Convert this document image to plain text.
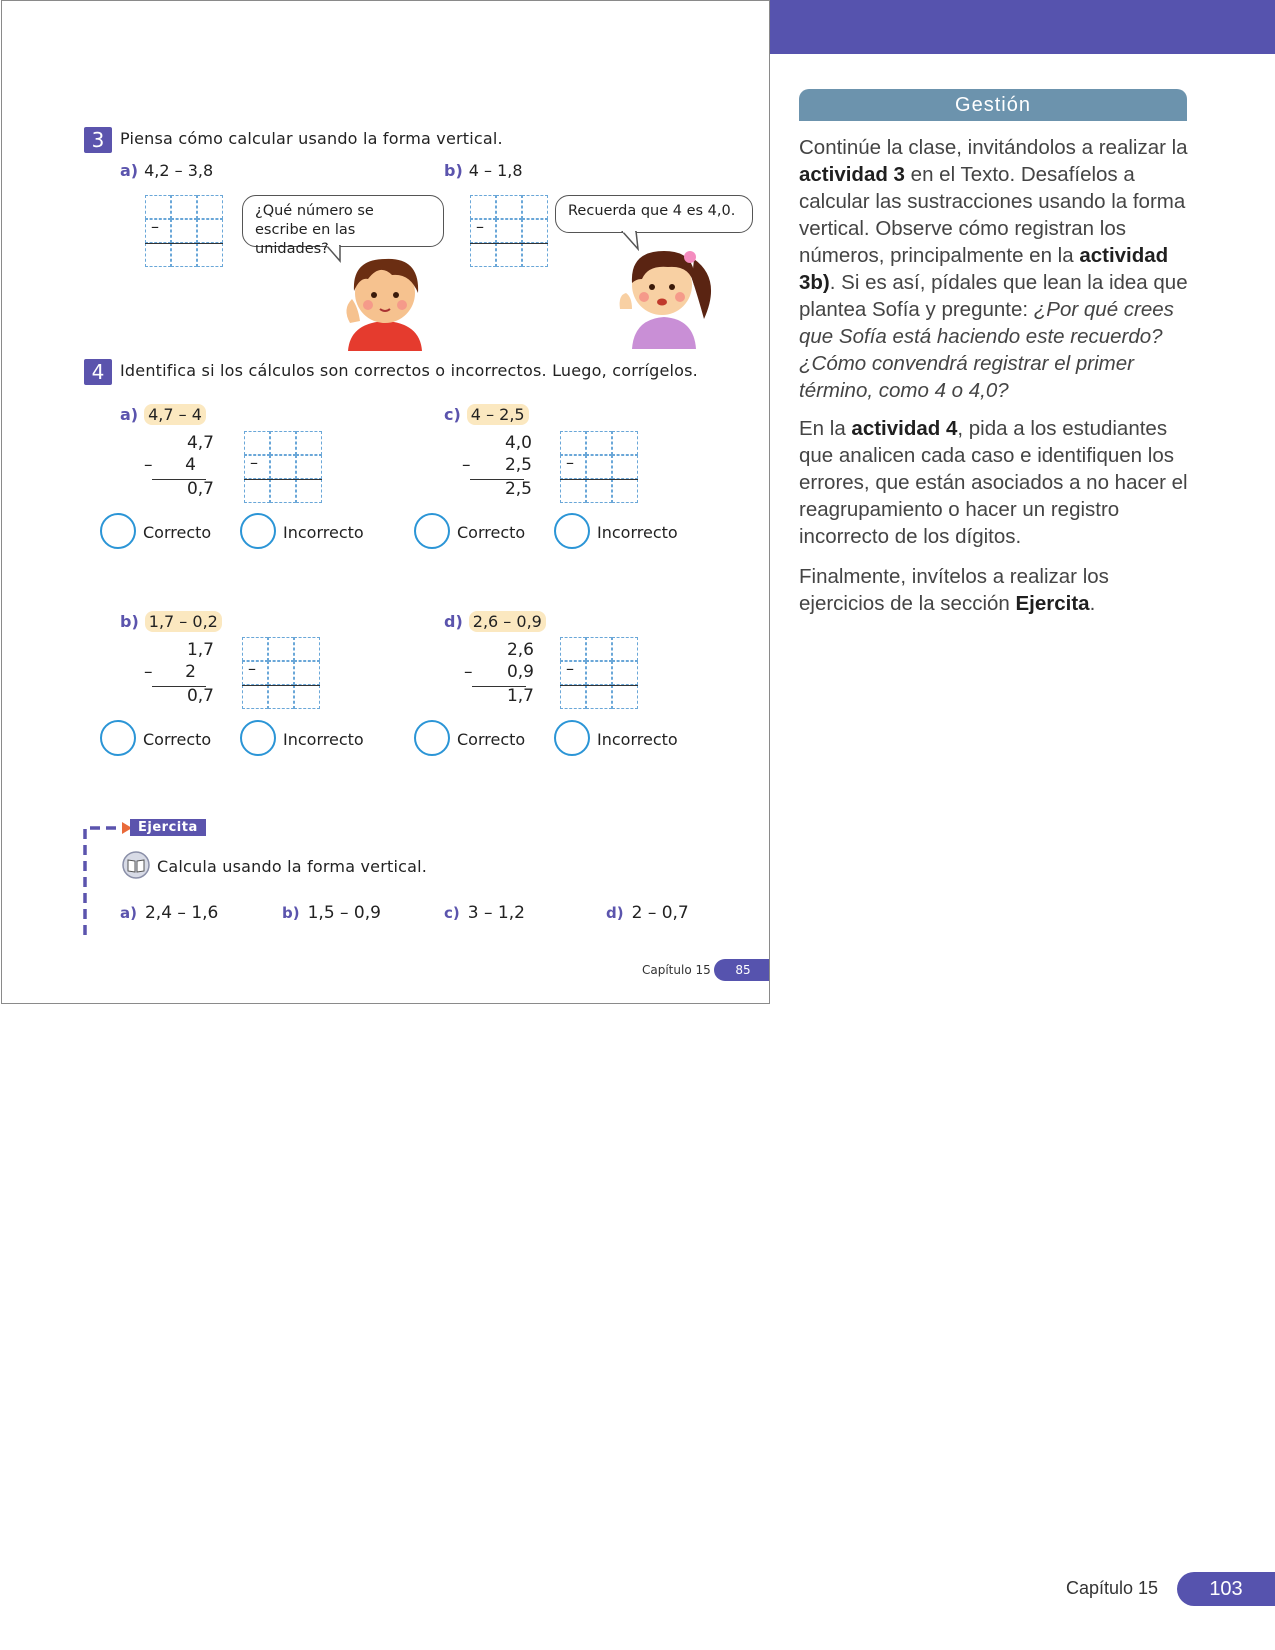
3 Piensa cómo calcular usando la forma vertical.
a) 4,2 – 3,8	b) 4 – 1,8
–	–
¿Qué número se escribe en las unidades?
Recuerda que 4 es 4,0.
4 Identifica si los cálculos son correctos o incorrectos. Luego, corrígelos.
a) 4,7 – 4
4,7
– 4
0,7
–
Correcto	Incorrecto
c) 4 – 2,5
4,0
– 2,5
2,5
–
Correcto	Incorrecto
b) 1,7 – 0,2
1,7
– 2
0,7
–
Correcto	Incorrecto
d) 2,6 – 0,9
2,6
– 0,9
1,7
–
Correcto	Incorrecto
Ejercita
Calcula usando la forma vertical.
a) 2,4 – 1,6	b) 1,5 – 0,9	c) 3 – 1,2	d) 2 – 0,7
Capítulo 15	85
Gestión
Continúe la clase, invitándolos a realizar la actividad 3 en el Texto. Desafíelos a calcular las sustracciones usando la forma vertical. Observe cómo registran los números, principalmente en la actividad 3b). Si es así, pídales que lean la idea que plantea Sofía y pregunte: ¿Por qué crees que Sofía está haciendo este recuerdo?¿Cómo convendrá registrar el primer término, como 4 o 4,0?
En la actividad 4, pida a los estudiantes que analicen cada caso e identifiquen los errores, que están asociados a no hacer el reagrupamiento o hacer un registro incorrecto de los dígitos.
Finalmente, invítelos a realizar los ejercicios de la sección Ejercita.
Capítulo 15	103
